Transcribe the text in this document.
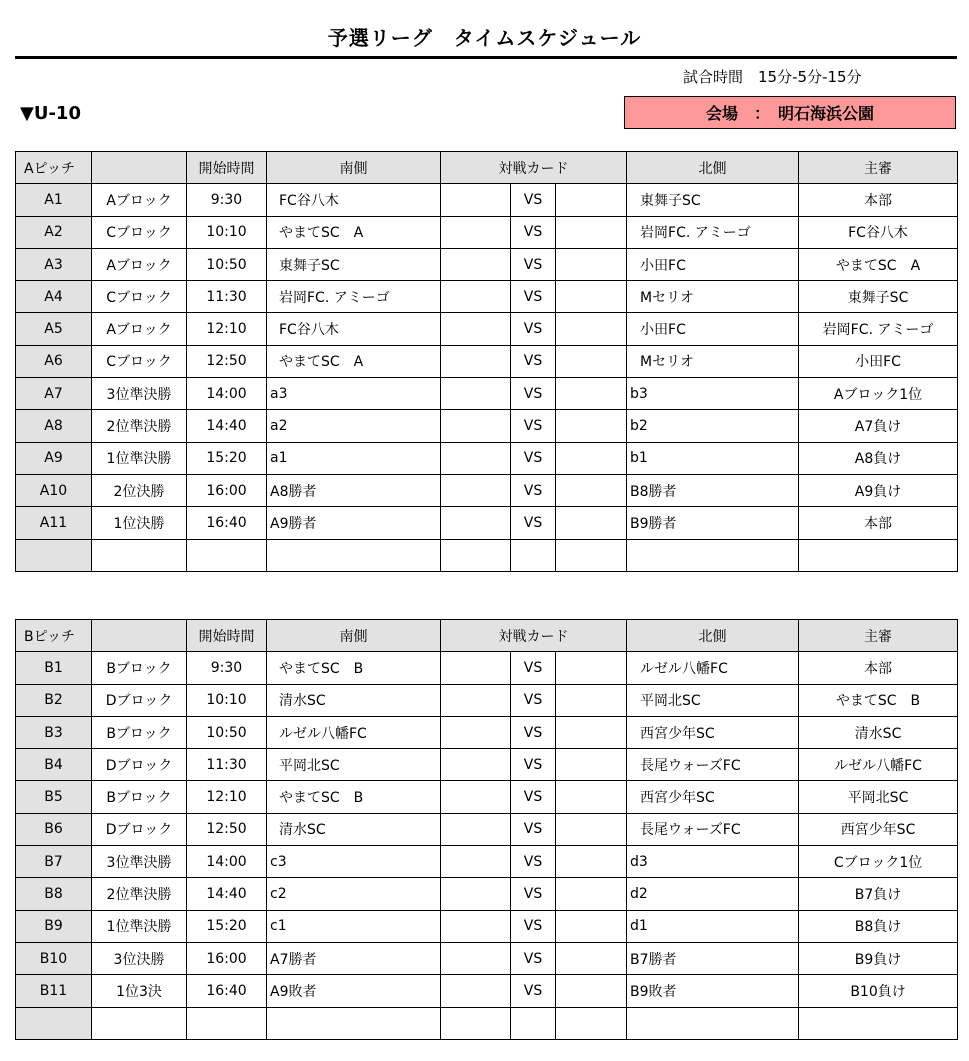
予選リーグ　タイムスケジュール
試合時間　15分-5分-15分
▼U-10	会場　：　明石海浜公園
Aピッチ		開始時間	南側	対戦カード			北側	主審
A1	Aブロック	9:30	FC谷八木		VS		東舞子SC	本部
A2	Cブロック	10:10	やまてSC　A		VS		岩岡FC. アミーゴ	FC谷八木
A3	Aブロック	10:50	東舞子SC		VS		小田FC	やまてSC　A
A4	Cブロック	11:30	岩岡FC. アミーゴ		VS		Mセリオ	東舞子SC
A5	Aブロック	12:10	FC谷八木		VS		小田FC	岩岡FC. アミーゴ
A6	Cブロック	12:50	やまてSC　A		VS		Mセリオ	小田FC
A7	3位準決勝	14:00	a3		VS		b3	Aブロック1位
A8	2位準決勝	14:40	a2		VS		b2	A7負け
A9	1位準決勝	15:20	a1		VS		b1	A8負け
A10	2位決勝	16:00	A8勝者		VS		B8勝者	A9負け
A11	1位決勝	16:40	A9勝者		VS		B9勝者	本部

Bピッチ		開始時間	南側	対戦カード			北側	主審
B1	Bブロック	9:30	やまてSC　B		VS		ルゼル八幡FC	本部
B2	Dブロック	10:10	清水SC		VS		平岡北SC	やまてSC　B
B3	Bブロック	10:50	ルゼル八幡FC		VS		西宮少年SC	清水SC
B4	Dブロック	11:30	平岡北SC		VS		長尾ウォーズFC	ルゼル八幡FC
B5	Bブロック	12:10	やまてSC　B		VS		西宮少年SC	平岡北SC
B6	Dブロック	12:50	清水SC		VS		長尾ウォーズFC	西宮少年SC
B7	3位準決勝	14:00	c3		VS		d3	Cブロック1位
B8	2位準決勝	14:40	c2		VS		d2	B7負け
B9	1位準決勝	15:20	c1		VS		d1	B8負け
B10	3位決勝	16:00	A7勝者		VS		B7勝者	B9負け
B11	1位3決	16:40	A9敗者		VS		B9敗者	B10負け
